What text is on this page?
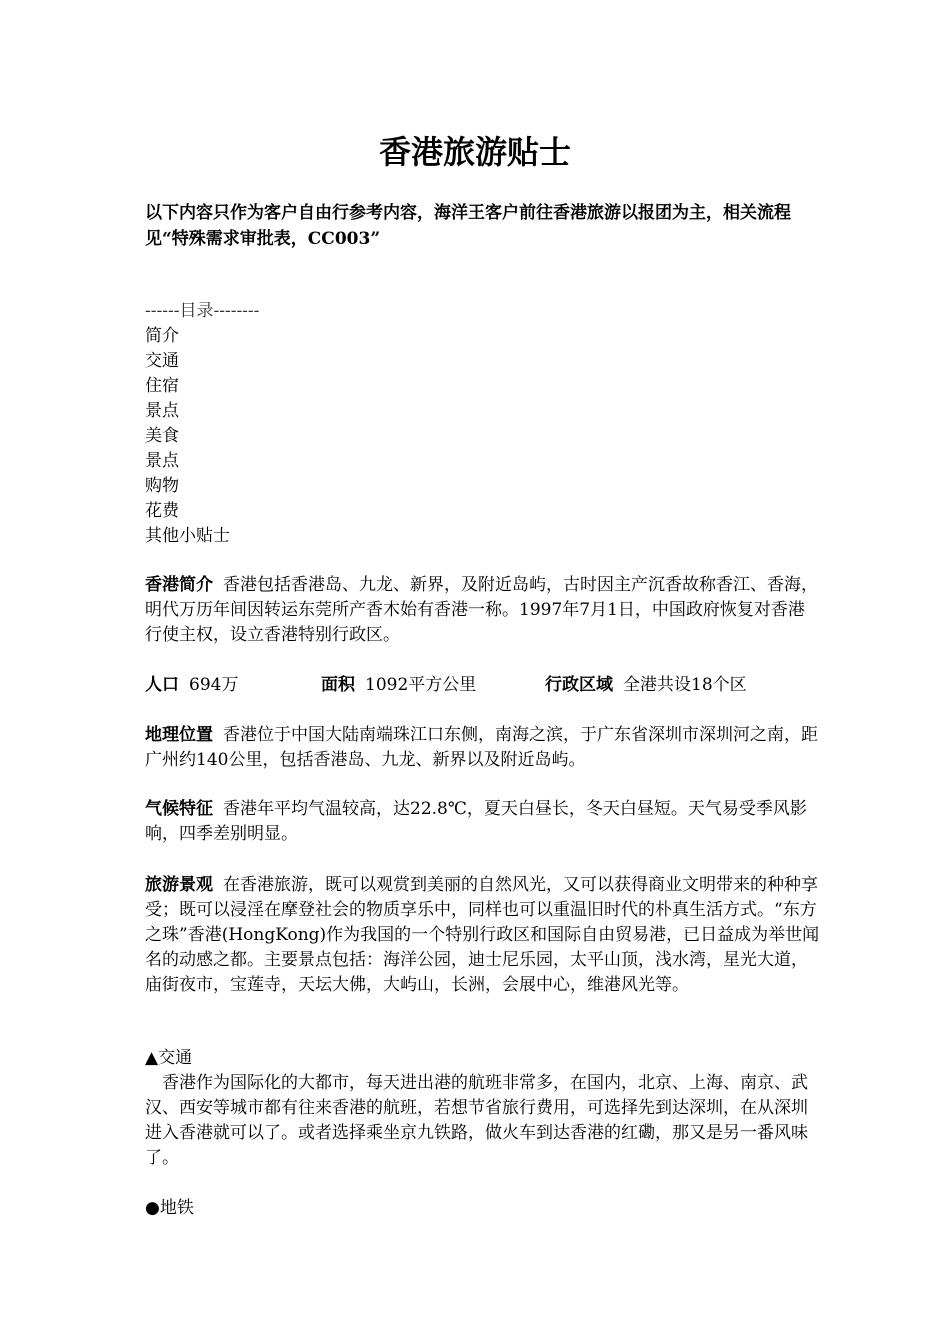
香港旅游贴士
以下内容只作为客户自由行参考内容，海洋王客户前往香港旅游以报团为主，相关流程见“特殊需求审批表，CC003”
------目录--------
简介
交通
住宿
景点
美食
景点
购物
花费
其他小贴士
香港简介 香港包括香港岛、九龙、新界，及附近岛屿，古时因主产沉香故称香江、香海，明代万历年间因转运东莞所产香木始有香港一称。1997年7月1日，中国政府恢复对香港行使主权，设立香港特别行政区。
人口 694万	面积 1092平方公里	行政区域 全港共设18个区
地理位置 香港位于中国大陆南端珠江口东侧，南海之滨，于广东省深圳市深圳河之南，距广州约140公里，包括香港岛、九龙、新界以及附近岛屿。
气候特征 香港年平均气温较高，达22.8℃，夏天白昼长，冬天白昼短。天气易受季风影响，四季差别明显。
旅游景观 在香港旅游，既可以观赏到美丽的自然风光，又可以获得商业文明带来的种种享受；既可以浸淫在摩登社会的物质享乐中，同样也可以重温旧时代的朴真生活方式。“东方之珠”香港(HongKong)作为我国的一个特别行政区和国际自由贸易港，已日益成为举世闻名的动感之都。主要景点包括：海洋公园，迪士尼乐园，太平山顶，浅水湾，星光大道，庙街夜市，宝莲寺，天坛大佛，大屿山，长洲，会展中心，维港风光等。
▲交通
香港作为国际化的大都市，每天进出港的航班非常多，在国内，北京、上海、南京、武汉、西安等城市都有往来香港的航班，若想节省旅行费用，可选择先到达深圳，在从深圳进入香港就可以了。或者选择乘坐京九铁路，做火车到达香港的红磡，那又是另一番风味了。
●地铁
